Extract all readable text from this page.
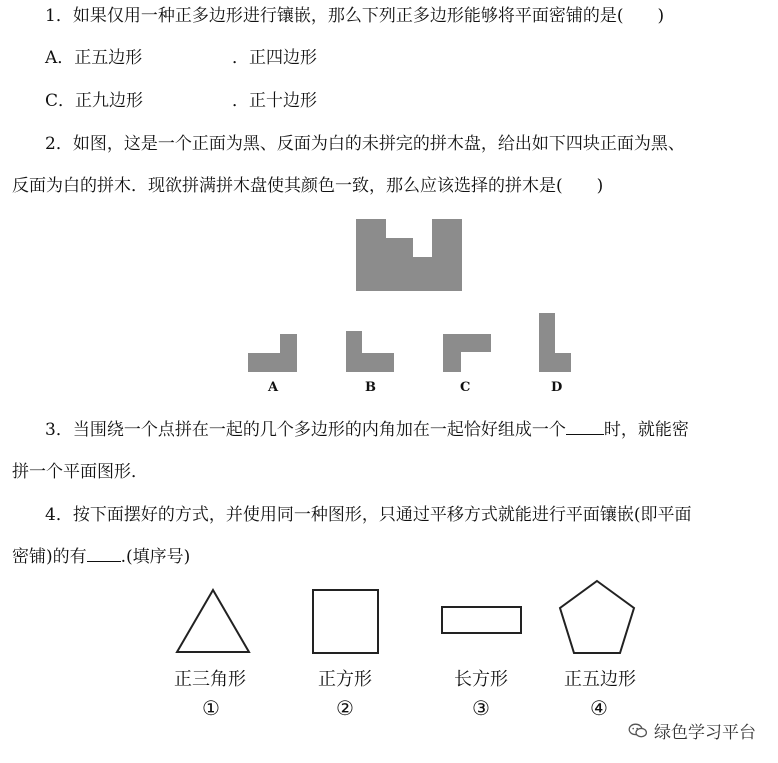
1．如果仅用一种正多边形进行镶嵌，那么下列正多边形能够将平面密铺的是(　　)
A．正五边形	．正四边形
C．正九边形	．正十边形
2．如图，这是一个正面为黑、反面为白的未拼完的拼木盘，给出如下四块正面为黑、
反面为白的拼木．现欲拼满拼木盘使其颜色一致，那么应该选择的拼木是(　　)
A	B	C	D
3．当围绕一个点拼在一起的几个多边形的内角加在一起恰好组成一个 时，就能密
拼一个平面图形．
4．按下面摆好的方式，并使用同一种图形，只通过平移方式就能进行平面镶嵌(即平面
密铺)的有 .(填序号)
正三角形	正方形	长方形	正五边形
①	②	③	④
绿色学习平台
